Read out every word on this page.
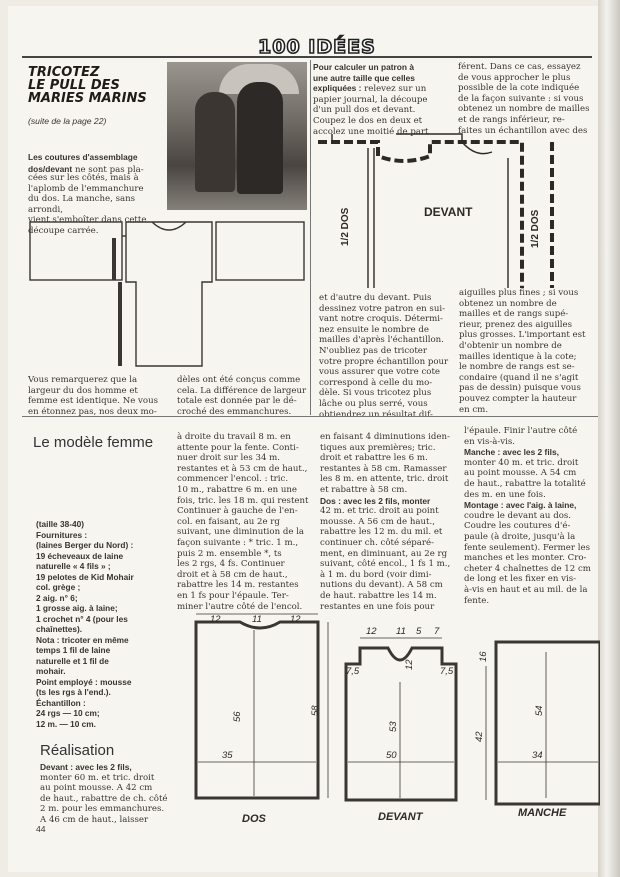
100 IDÉES
TRICOTEZ
LE PULL DES
MARIES MARINS
(suite de la page 22)
Les coutures d'assemblage dos/devant ne sont pas pla-
cées sur les côtés, mais à
l'aplomb de l'emmanchure
du dos. La manche, sans arrondi,
vient s'emboîter dans cette
découpe carrée.
Vous remarquerez que la
largeur du dos homme et
femme est identique. Ne vous
en étonnez pas, nos deux mo-
dèles ont été conçus comme
cela. La différence de largeur
totale est donnée par le dé-
croché des emmanchures.
Pour calculer un patron à
une autre taille que celles
expliquées : relevez sur un
papier journal, la découpe
d'un pull dos et devant.
Coupez le dos en deux et
accolez une moitié de part
férent. Dans ce cas, essayez
de vous approcher le plus
possible de la cote indiquée
de la façon suivante : si vous
obtenez un nombre de mailles
et de rangs inférieur, re-
faites un échantillon avec des
DEVANT
1/2 DOS	1/2 DOS
et d'autre du devant. Puis
dessinez votre patron en sui-
vant notre croquis. Détermi-
nez ensuite le nombre de
mailles d'après l'échantillon.
N'oubliez pas de tricoter
votre propre échantillon pour
vous assurer que votre cote
correspond à celle du mo-
dèle. Si vous tricotez plus
lâche ou plus serré, vous
obtiendrez un résultat dif-
aiguilles plus fines ; si vous
obtenez un nombre de
mailles et de rangs supé-
rieur, prenez des aiguilles
plus grosses. L'important est
d'obtenir un nombre de
mailles identique à la cote;
le nombre de rangs est se-
condaire (quand il ne s'agit
pas de dessin) puisque vous
pouvez compter la hauteur
en cm.
Le modèle femme
(taille 38-40)
Fournitures :
(laines Berger du Nord) :
19 écheveaux de laine
naturelle « 4 fils » ;
19 pelotes de Kid Mohair
col. grège ;
2 aig. n° 6;
1 grosse aig. à laine;
1 crochet n° 4 (pour les
chaînettes).
Nota : tricoter en même
temps 1 fil de laine
naturelle et 1 fil de
mohair.
Point employé : mousse
(ts les rgs à l'end.).
Échantillon :
24 rgs — 10 cm;
12 m. — 10 cm.
à droite du travail 8 m. en
attente pour la fente. Conti-
nuer droit sur les 34 m.
restantes et à 53 cm de haut.,
commencer l'encol. : tric.
10 m., rabattre 6 m. en une
fois, tric. les 18 m. qui restent
Continuer à gauche de l'en-
col. en faisant, au 2e rg
suivant, une diminution de la
façon suivante : * tric. 1 m.,
puis 2 m. ensemble *, ts
les 2 rgs, 4 fs. Continuer
droit et à 58 cm de haut.,
rabattre les 14 m. restantes
en 1 fs pour l'épaule. Ter-
miner l'autre côté de l'encol.
en faisant 4 diminutions iden-
tiques aux premières; tric.
droit et rabattre les 6 m.
restantes à 58 cm. Ramasser
les 8 m. en attente, tric. droit
et rabattre à 58 cm.
Dos : avec les 2 fils, monter
42 m. et tric. droit au point
mousse. A 56 cm de haut.,
rabattre les 12 m. du mil. et
continuer ch. côté séparé-
ment, en diminuant, au 2e rg
suivant, côté encol., 1 fs 1 m.,
à 1 m. du bord (voir dimi-
nutions du devant). A 58 cm
de haut. rabattre les 14 m.
restantes en une fois pour
l'épaule. Finir l'autre côté
en vis-à-vis.
Manche : avec les 2 fils,
monter 40 m. et tric. droit
au point mousse. A 54 cm
de haut., rabattre la totalité
des m. en une fois.
Montage : avec l'aig. à laine,
coudre le devant au dos.
Coudre les coutures d'é-
paule (à droite, jusqu'à la
fente seulement). Fermer les
manches et les monter. Cro-
cheter 4 chaînettes de 12 cm
de long et les fixer en vis-
à-vis en haut et au mil. de la
fente.
Réalisation
Devant : avec les 2 fils,
monter 60 m. et tric. droit
au point mousse. A 42 cm
de haut., rabattre de ch. côté
2 m. pour les emmanchures.
A 46 cm de haut., laisser
44
12	11	12
56
35
58
12 11 5 7
7,5	7,5
12
53
50
42
16
54
34
DOS	DEVANT	MANCHE
